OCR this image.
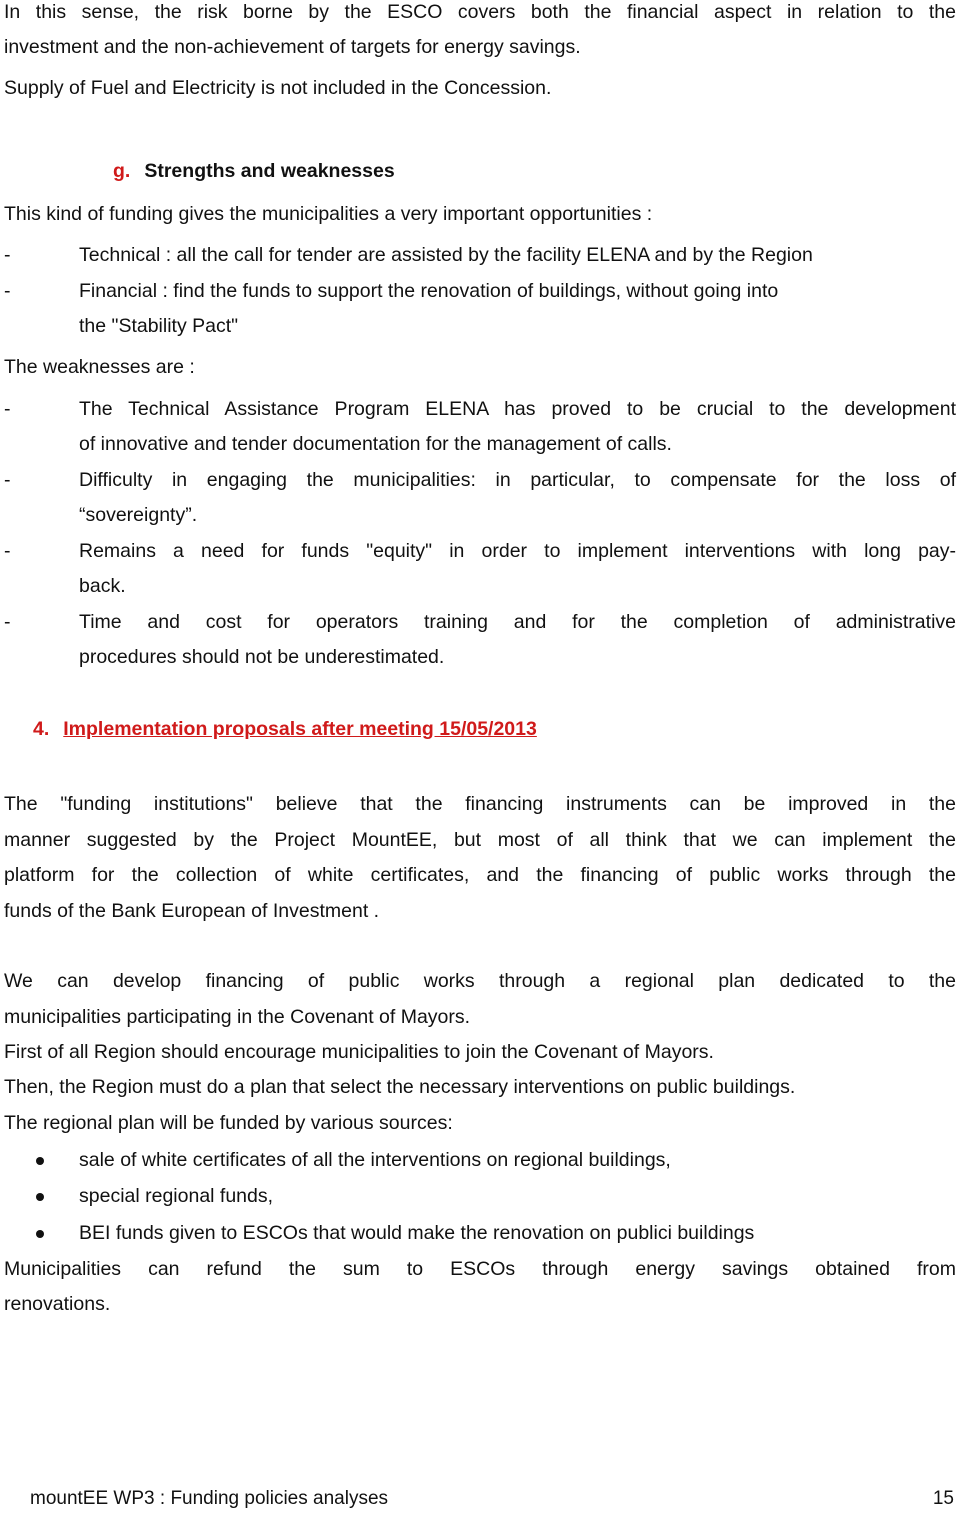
In this sense, the risk borne by the ESCO covers both the financial aspect in relation to the
investment and the non-achievement of targets for energy savings.
Supply of Fuel and Electricity is not included in the Concession.
g. Strengths and weaknesses
This kind of funding gives the municipalities a very important opportunities :
-	Technical : all the call for tender are assisted by the facility ELENA and by the Region
-	Financial : find the funds to support the renovation of buildings, without going into
the "Stability Pact"
The weaknesses are :
-	The Technical Assistance Program ELENA has proved to be crucial to the development
of innovative and tender documentation for the management of calls.
-	Difficulty in engaging the municipalities: in particular, to compensate for the loss of
“sovereignty”.
-	Remains a need for funds "equity" in order to implement interventions with long pay-
back.
-	Time and cost for operators training and for the completion of administrative
procedures should not be underestimated.
4. Implementation proposals after meeting 15/05/2013
The "funding institutions" believe that the financing instruments can be improved in the
manner suggested by the Project MountEE, but most of all think that we can implement the
platform for the collection of white certificates, and the financing of public works through the
funds of the Bank European of Investment .
We can develop financing of public works through a regional plan dedicated to the
municipalities participating in the Covenant of Mayors.
First of all Region should encourage municipalities to join the Covenant of Mayors.
Then, the Region must do a plan that select the necessary interventions on public buildings.
The regional plan will be funded by various sources:
sale of white certificates of all the interventions on regional buildings,
special regional funds,
BEI funds given to ESCOs that would make the renovation on publici buildings
Municipalities can refund the sum to ESCOs through energy savings obtained from
renovations.
mountEE WP3 : Funding policies analyses	15
